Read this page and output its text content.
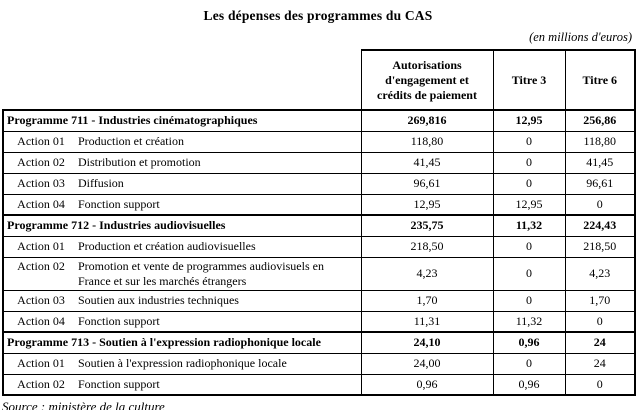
Les dépenses des programmes du CAS
(en millions d'euros)
	Autorisations d'engagement et crédits de paiement	Titre 3	Titre 6
Programme 711 - Industries cinématographiques	269,816	12,95	256,86

Action 01 Production et création	118,80	0	118,80

Action 02 Distribution et promotion	41,45	0	41,45

Action 03 Diffusion	96,61	0	96,61

Action 04 Fonction support	12,95	12,95	0
Programme 712 - Industries audiovisuelles	235,75	11,32	224,43

Action 01 Production et création audiovisuelles	218,50	0	218,50

Action 02 Promotion et vente de programmes audiovisuels en France et sur les marchés étrangers	4,23	0	4,23

Action 03 Soutien aux industries techniques	1,70	0	1,70

Action 04 Fonction support	11,31	11,32	0
Programme 713 - Soutien à l'expression radiophonique locale	24,10	0,96	24

Action 01 Soutien à l'expression radiophonique locale	24,00	0	24

Action 02 Fonction support	0,96	0,96	0
Source : ministère de la culture
